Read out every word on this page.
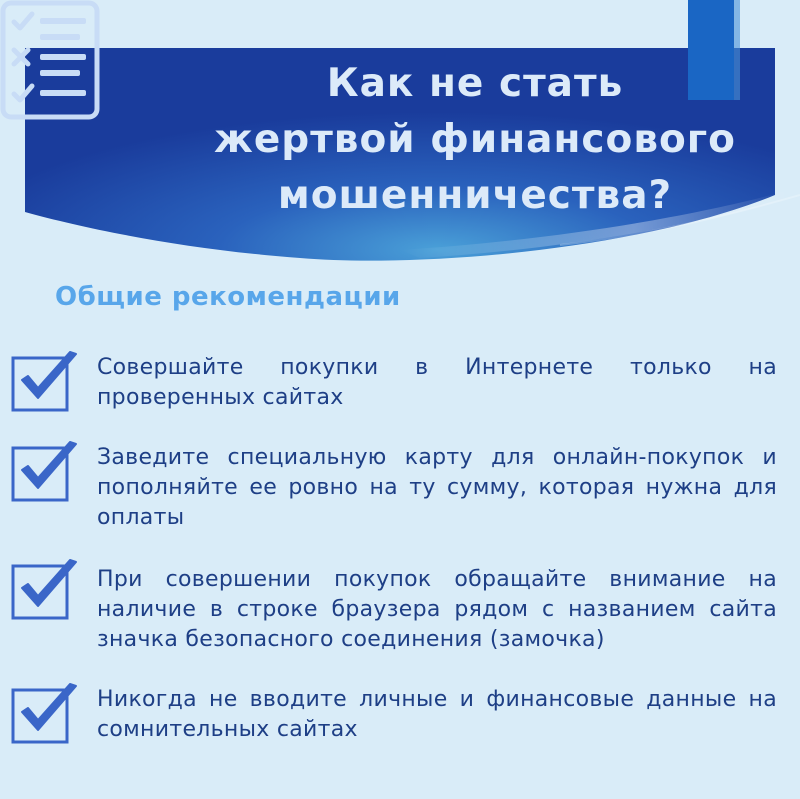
Как не стать
жертвой финансового
мошенничества?
Общие рекомендации
Совершайте покупки в Интернете только на проверенных сайтах
Заведите специальную карту для онлайн-покупок и пополняйте ее ровно на ту сумму, которая нужна для оплаты
При совершении покупок обращайте внимание на наличие в строке браузера рядом с названием сайта значка безопасного соединения (замочка)
Никогда не вводите личные и финансовые данные на сомнительных сайтах
